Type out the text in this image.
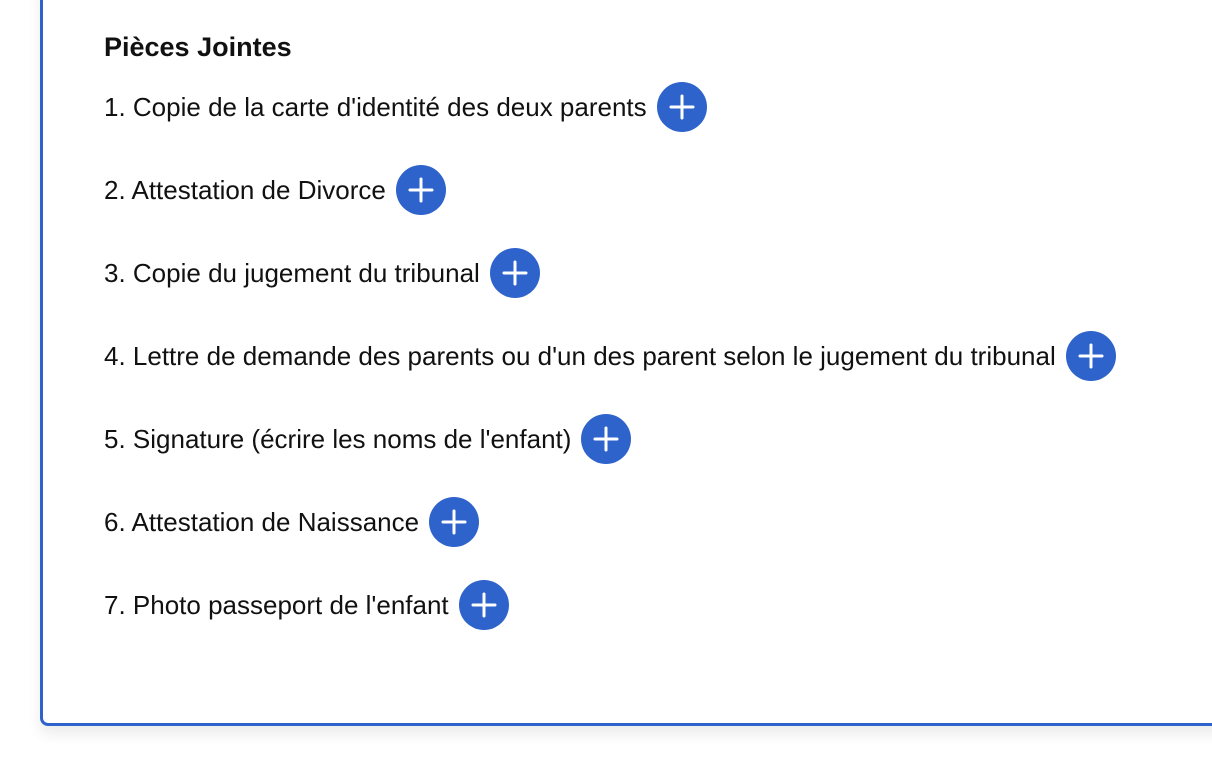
Pièces Jointes
1. Copie de la carte d'identité des deux parents
2. Attestation de Divorce
3. Copie du jugement du tribunal
4. Lettre de demande des parents ou d'un des parent selon le jugement du tribunal
5. Signature (écrire les noms de l'enfant)
6. Attestation de Naissance
7. Photo passeport de l'enfant
